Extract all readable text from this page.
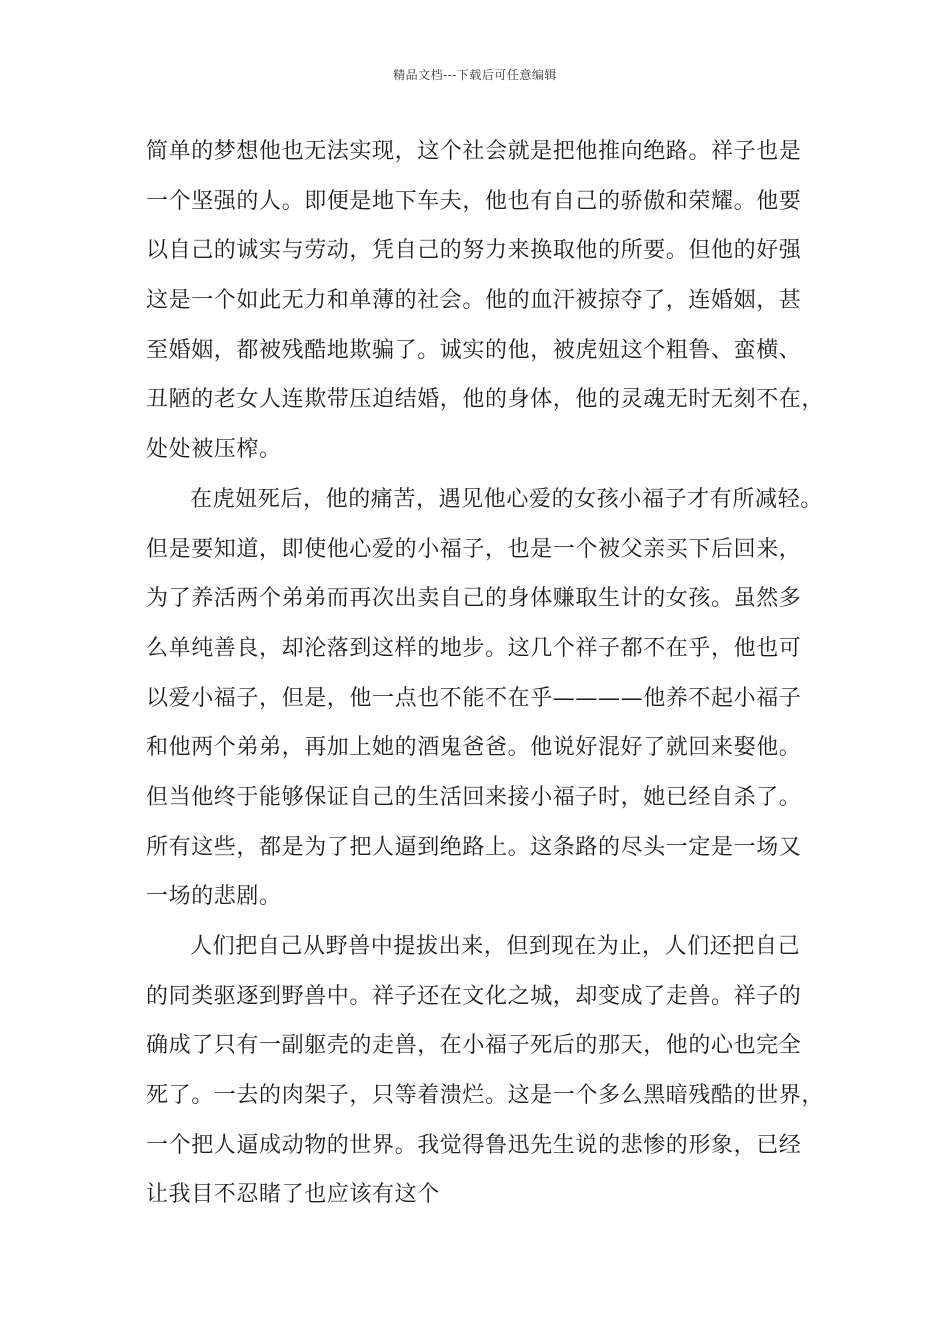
精品文档---下载后可任意编辑
简单的梦想他也无法实现，这个社会就是把他推向绝路。祥子也是
一个坚强的人。即便是地下车夫，他也有自己的骄傲和荣耀。他要
以自己的诚实与劳动，凭自己的努力来换取他的所要。但他的好强
这是一个如此无力和单薄的社会。他的血汗被掠夺了，连婚姻，甚
至婚姻，都被残酷地欺骗了。诚实的他，被虎妞这个粗鲁、蛮横、
丑陋的老女人连欺带压迫结婚，他的身体，他的灵魂无时无刻不在，
处处被压榨。
在虎妞死后，他的痛苦，遇见他心爱的女孩小福子才有所减轻。
但是要知道，即使他心爱的小福子，也是一个被父亲买下后回来，
为了养活两个弟弟而再次出卖自己的身体赚取生计的女孩。虽然多
么单纯善良，却沦落到这样的地步。这几个祥子都不在乎，他也可
以爱小福子，但是，他一点也不能不在乎————他养不起小福子
和他两个弟弟，再加上她的酒鬼爸爸。他说好混好了就回来娶他。
但当他终于能够保证自己的生活回来接小福子时，她已经自杀了。
所有这些，都是为了把人逼到绝路上。这条路的尽头一定是一场又
一场的悲剧。
人们把自己从野兽中提拔出来，但到现在为止，人们还把自己
的同类驱逐到野兽中。祥子还在文化之城，却变成了走兽。祥子的
确成了只有一副躯壳的走兽，在小福子死后的那天，他的心也完全
死了。一去的肉架子，只等着溃烂。这是一个多么黑暗残酷的世界，
一个把人逼成动物的世界。我觉得鲁迅先生说的悲惨的形象，已经
让我目不忍睹了也应该有这个
